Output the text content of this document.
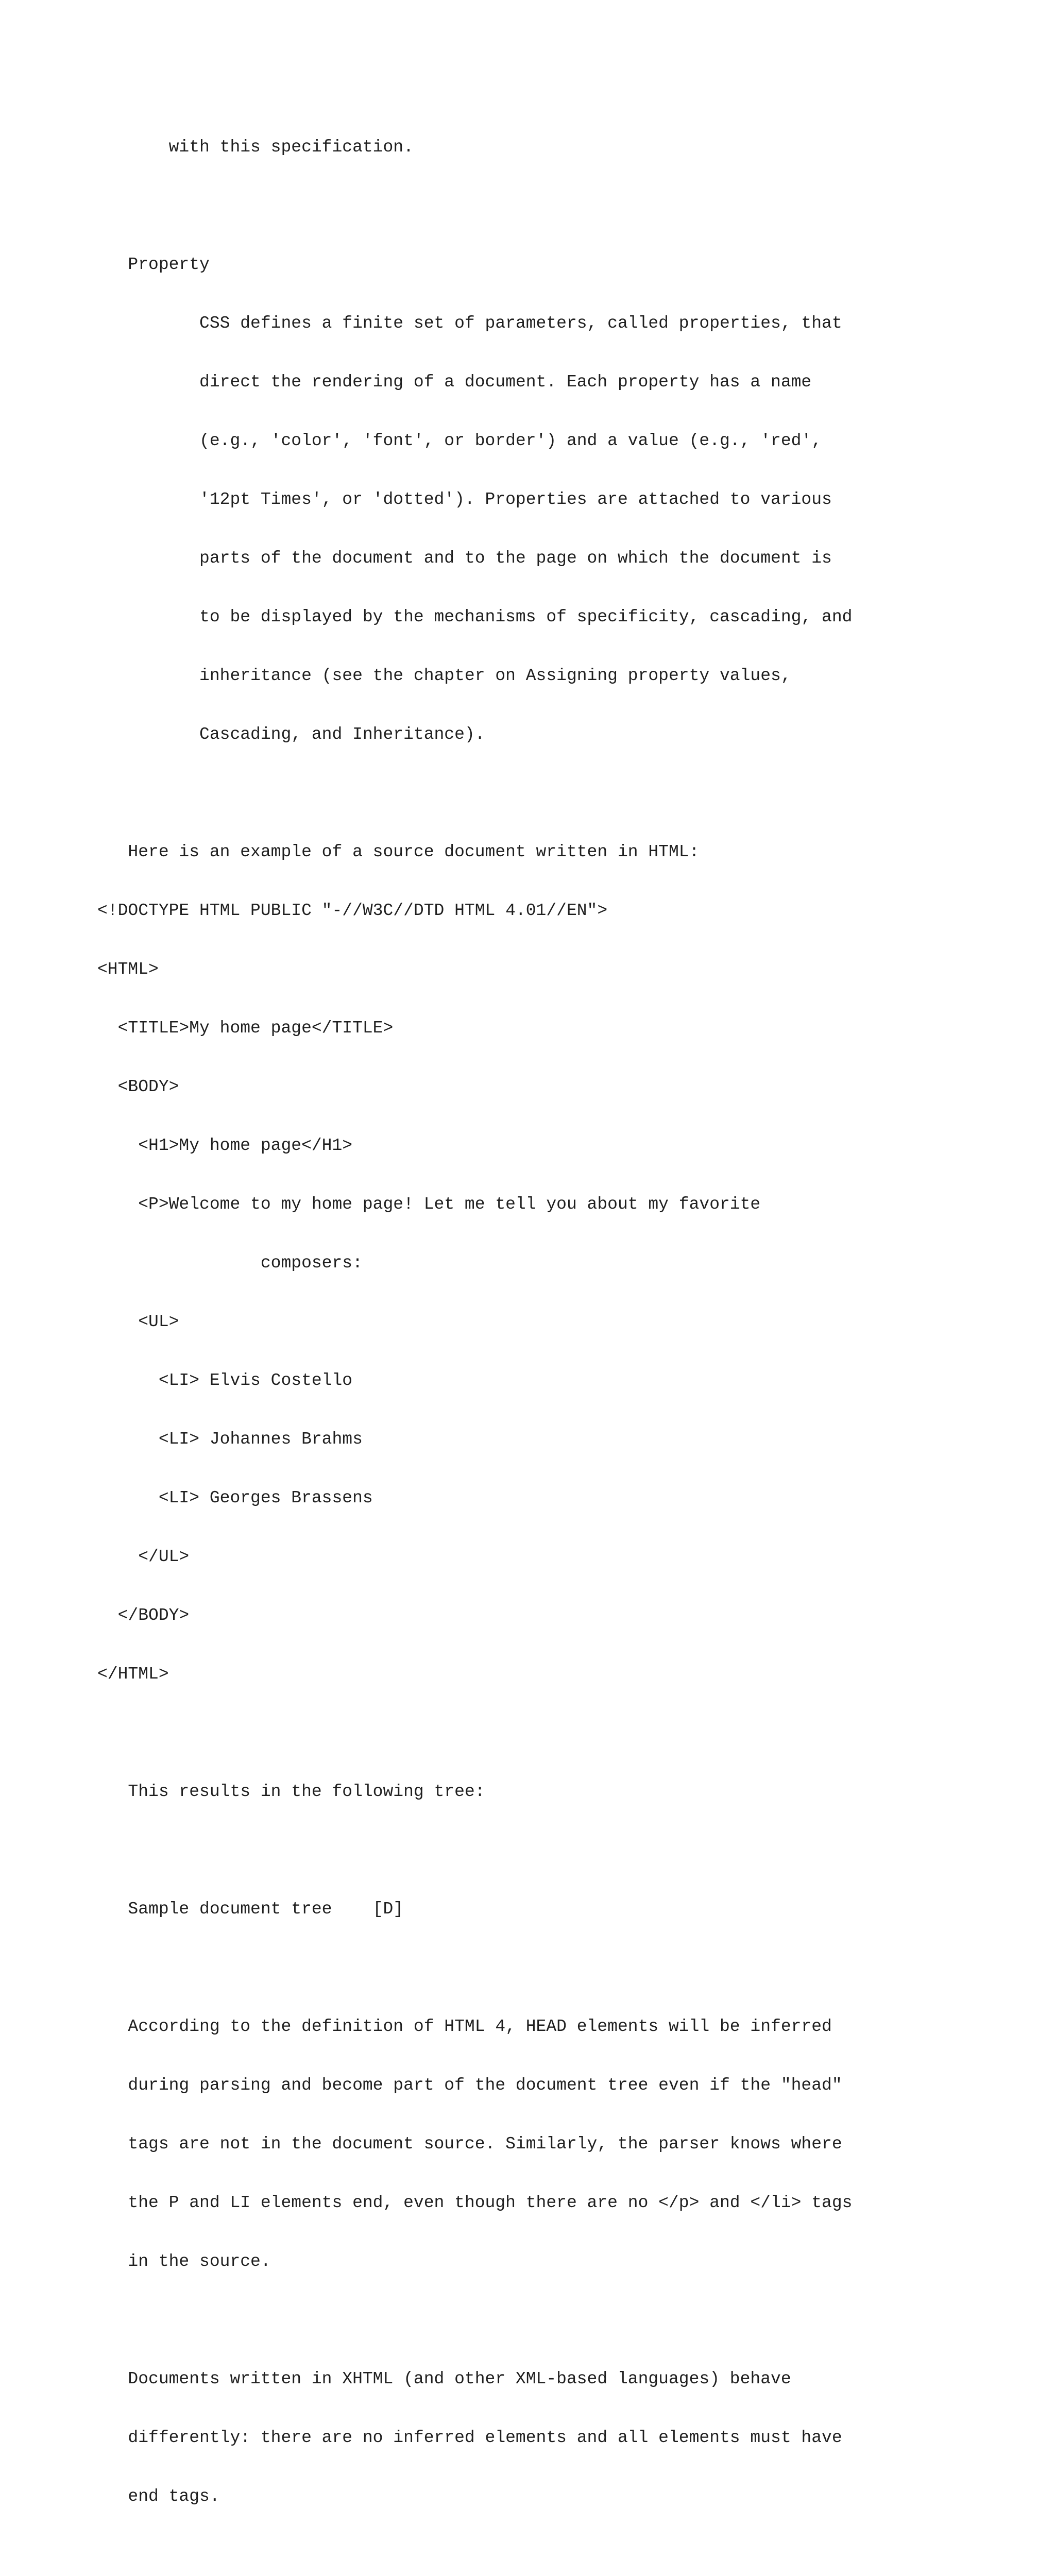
with this specification.

Property

CSS defines a finite set of parameters, called properties, that

direct the rendering of a document. Each property has a name

(e.g., 'color', 'font', or border') and a value (e.g., 'red',

'12pt Times', or 'dotted'). Properties are attached to various

parts of the document and to the page on which the document is

to be displayed by the mechanisms of specificity, cascading, and

inheritance (see the chapter on Assigning property values,

Cascading, and Inheritance).

Here is an example of a source document written in HTML:

<!DOCTYPE HTML PUBLIC "-//W3C//DTD HTML 4.01//EN">

<HTML>

<TITLE>My home page</TITLE>

<BODY>

<H1>My home page</H1>

<P>Welcome to my home page! Let me tell you about my favorite

composers:

<UL>

<LI> Elvis Costello

<LI> Johannes Brahms

<LI> Georges Brassens

</UL>

</BODY>

</HTML>

This results in the following tree:

Sample document tree    [D]

According to the definition of HTML 4, HEAD elements will be inferred

during parsing and become part of the document tree even if the "head"

tags are not in the document source. Similarly, the parser knows where

the P and LI elements end, even though there are no </p> and </li> tags

in the source.

Documents written in XHTML (and other XML-based languages) behave

differently: there are no inferred elements and all elements must have

end tags.
